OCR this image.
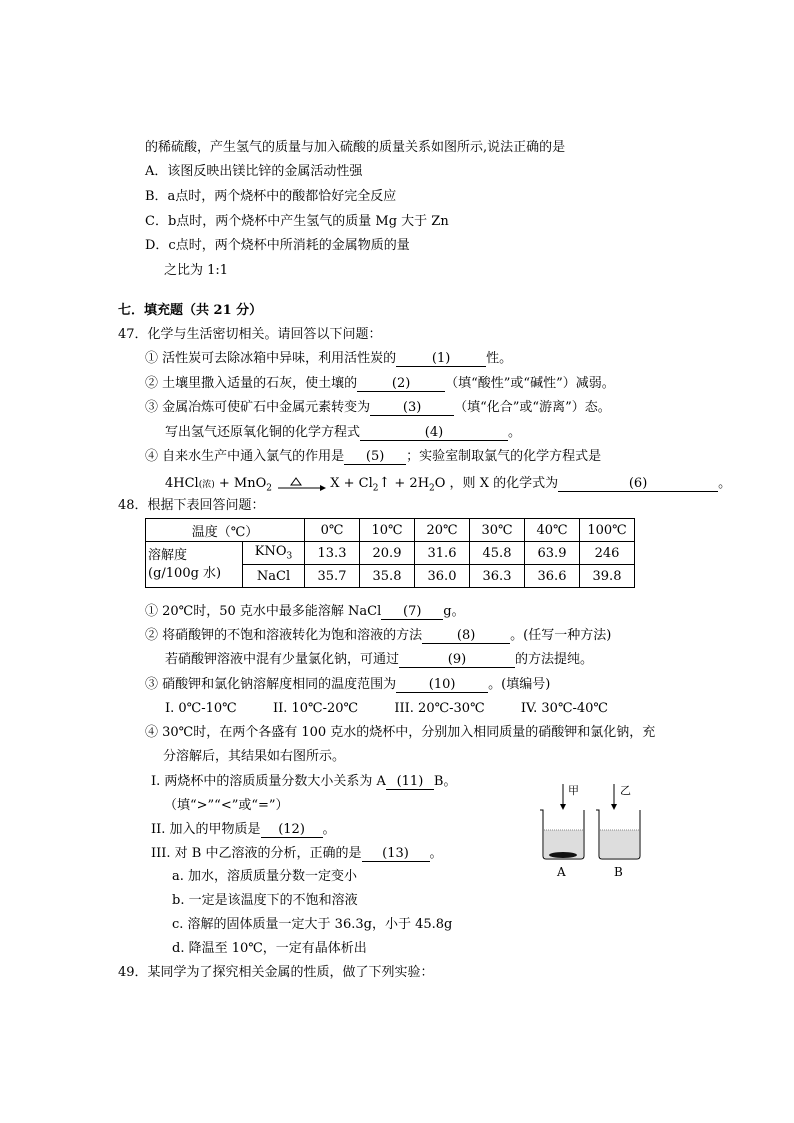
的稀硫酸，产生氢气的质量与加入硫酸的质量关系如图所示,说法正确的是
A．该图反映出镁比锌的金属活动性强
B．a点时，两个烧杯中的酸都恰好完全反应
C．b点时，两个烧杯中产生氢气的质量 Mg 大于 Zn
D．c点时，两个烧杯中所消耗的金属物质的量
之比为 1:1
七．填充题（共 21 分）
47．化学与生活密切相关。请回答以下问题：
① 活性炭可去除冰箱中异味，利用活性炭的	(1)	性。
② 土壤里撒入适量的石灰，使土壤的	(2)	（填“酸性”或“碱性”）减弱。
③ 金属冶炼可使矿石中金属元素转变为	(3)	（填“化合”或“游离”）态。
写出氢气还原氧化铜的化学方程式	(4)	。
④ 自来水生产中通入氯气的作用是 (5) ；实验室制取氯气的化学方程式是
4HCl(浓) + MnO$_2$	$X + Cl_2↑ + 2H_2O$ ，则 X 的化学式为	(6)	。
48．根据下表回答问题：
温度（℃）		0℃	10℃	20℃	30℃	40℃	100℃
溶解度
(g/100g 水)	$KNO_3$	13.3	20.9	31.6	45.8	63.9	246
	NaCl	35.7	35.8	36.0	36.3	36.6	39.8
① 20℃时，50 克水中最多能溶解 NaCl (7) g。
② 将硝酸钾的不饱和溶液转化为饱和溶液的方法	(8)	。(任写一种方法)
若硝酸钾溶液中混有少量氯化钠，可通过	(9)	的方法提纯。
③ 硝酸钾和氯化钠溶解度相同的温度范围为	(10)	。(填编号)
I. 0℃-10℃	II. 10℃-20℃	III. 20℃-30℃	IV. 30℃-40℃
④ 30℃时，在两个各盛有 100 克水的烧杯中，分别加入相同质量的硝酸钾和氯化钠，充
分溶解后，其结果如右图所示。
I. 两烧杯中的溶质质量分数大小关系为 A (11) B。
（填“>”“<”或“=”）
II. 加入的甲物质是 (12) 。
III. 对 B 中乙溶液的分析，正确的是 (13) 。
a. 加水，溶质质量分数一定变小
b. 一定是该温度下的不饱和溶液
c. 溶解的固体质量一定大于 36.3g，小于 45.8g
d. 降温至 10℃，一定有晶体析出
甲	乙
A	B
49．某同学为了探究相关金属的性质，做了下列实验：
